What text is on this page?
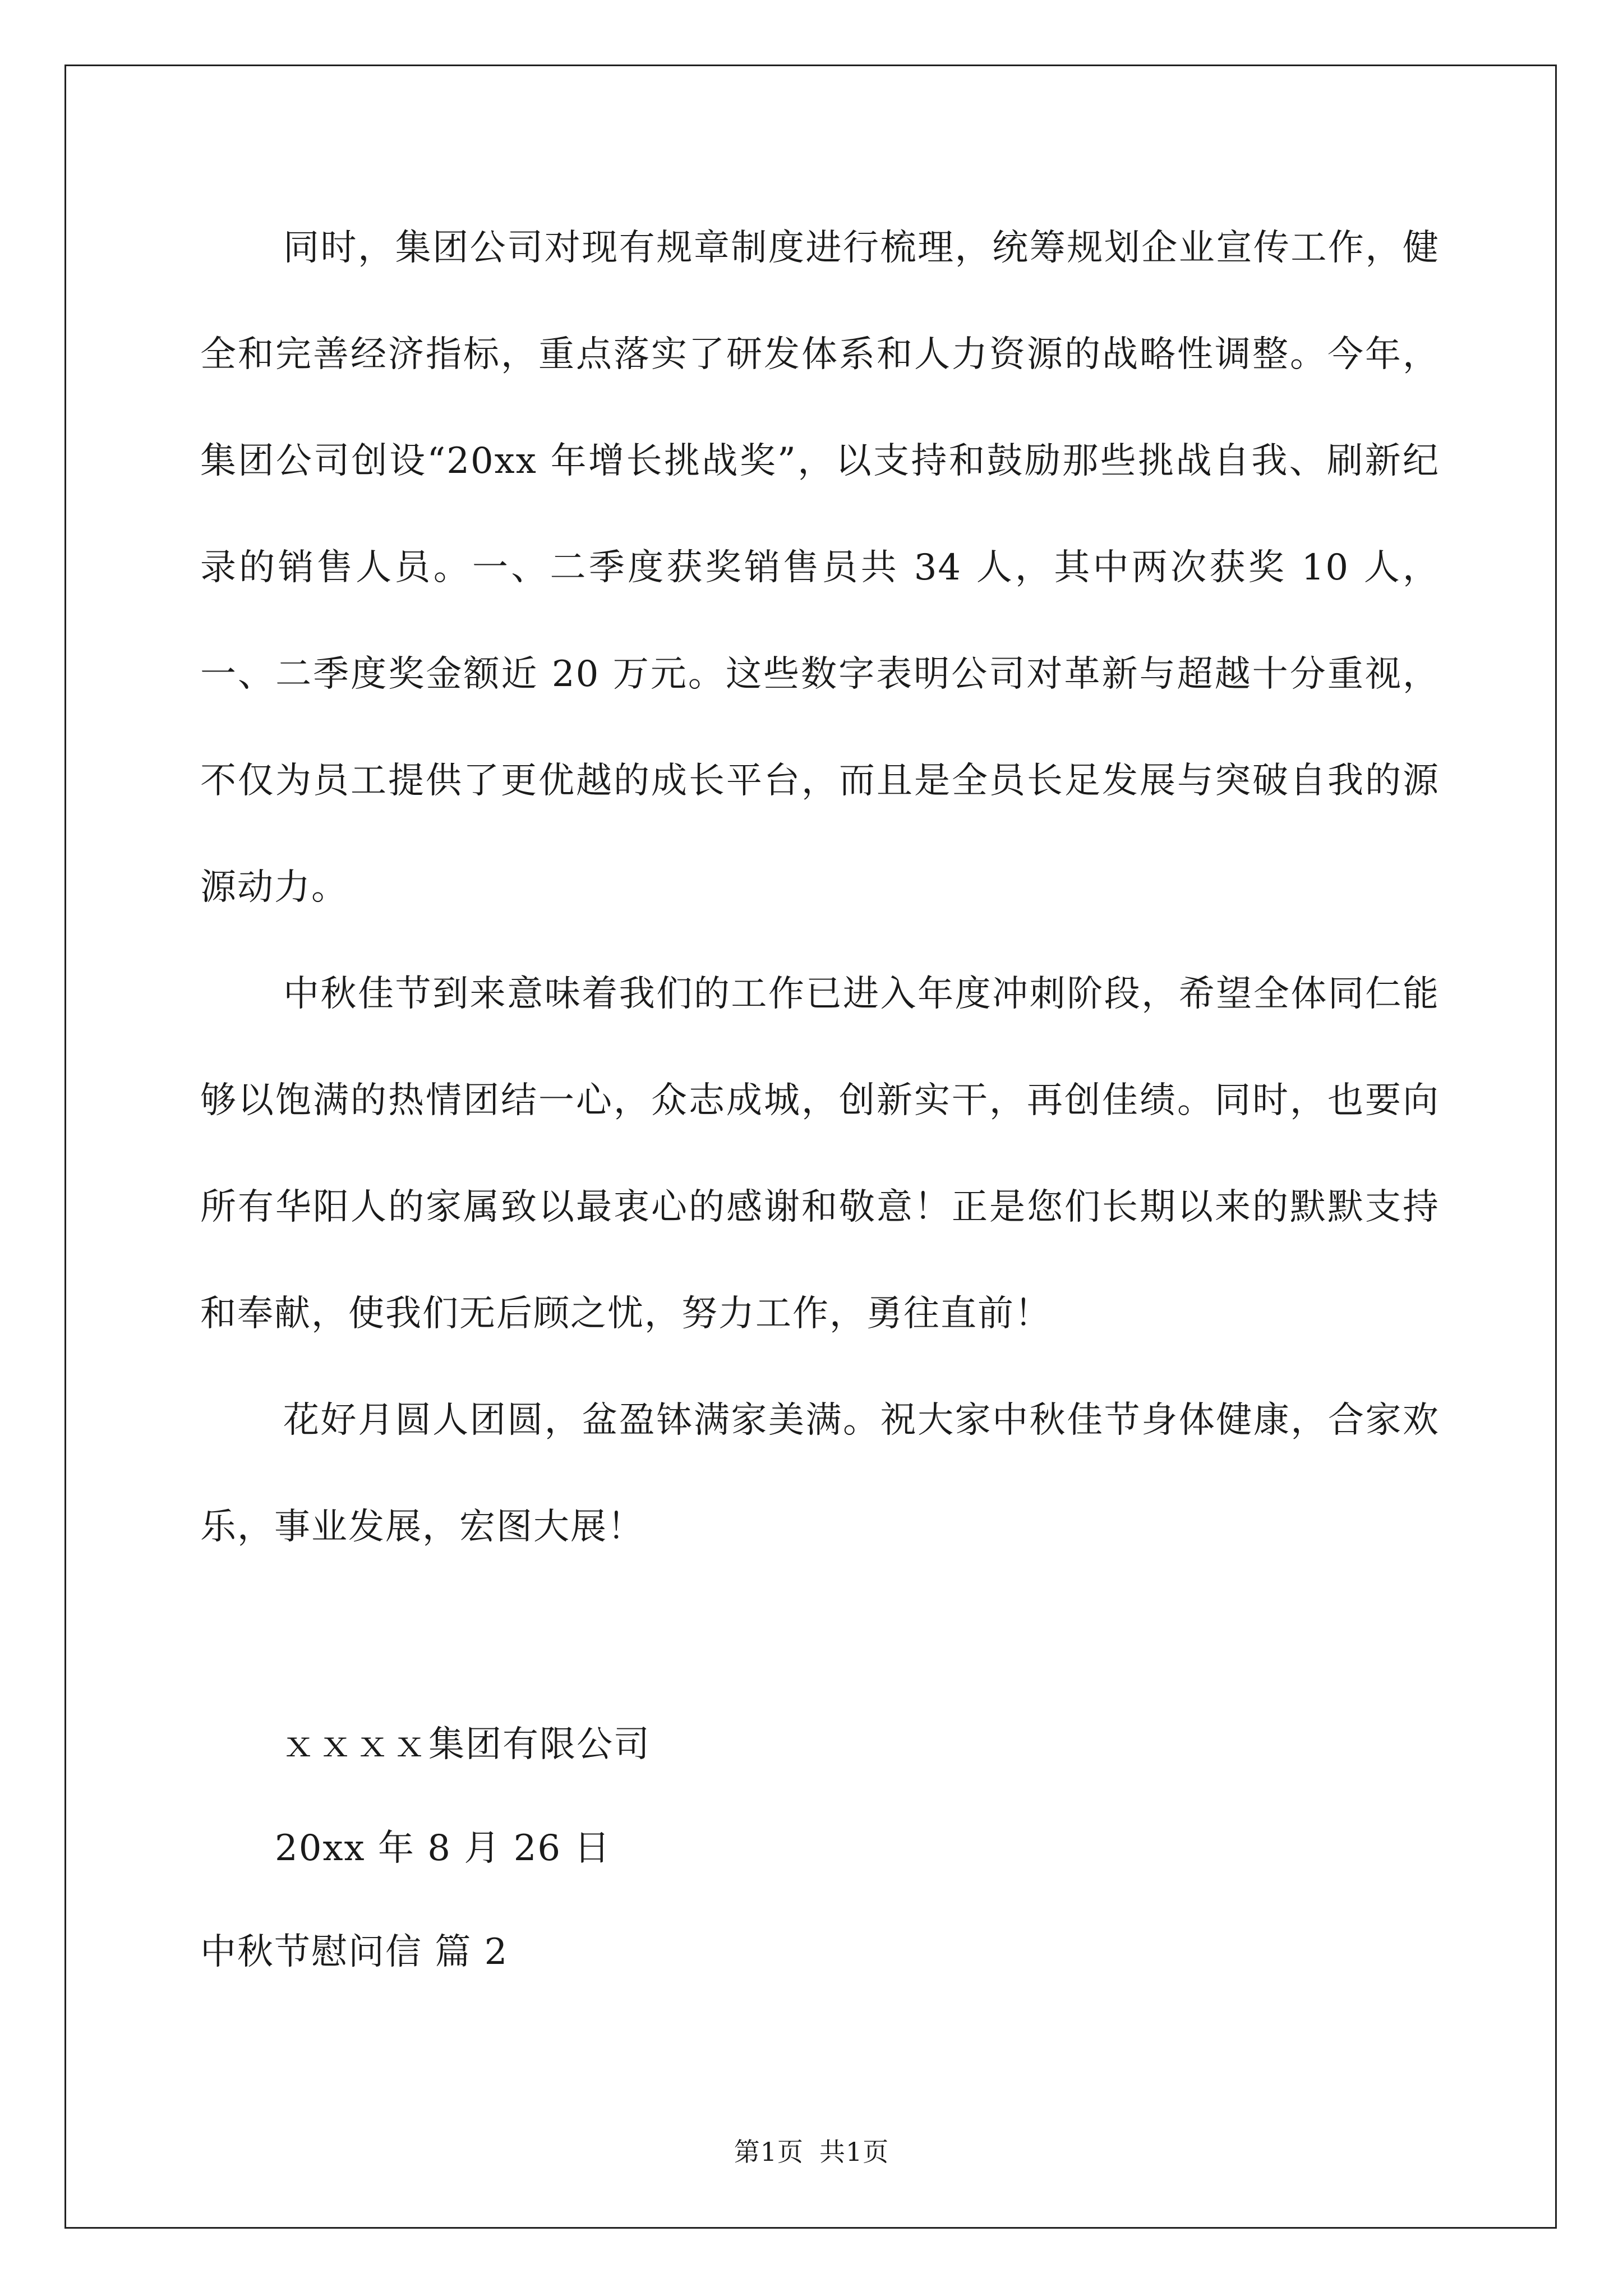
同时，集团公司对现有规章制度进行梳理，统筹规划企业宣传工作，健全和完善经济指标，重点落实了研发体系和人力资源的战略性调整。今年，集团公司创设“20xx 年增长挑战奖”，以支持和鼓励那些挑战自我、刷新纪录的销售人员。一、二季度获奖销售员共 34 人，其中两次获奖 10 人，一、二季度奖金额近 20 万元。这些数字表明公司对革新与超越十分重视，不仅为员工提供了更优越的成长平台，而且是全员长足发展与突破自我的源源动力。

中秋佳节到来意味着我们的工作已进入年度冲刺阶段，希望全体同仁能够以饱满的热情团结一心，众志成城，创新实干，再创佳绩。同时，也要向所有华阳人的家属致以最衷心的感谢和敬意！正是您们长期以来的默默支持和奉献，使我们无后顾之忧，努力工作，勇往直前！

花好月圆人团圆，盆盈钵满家美满。祝大家中秋佳节身体健康，合家欢乐，事业发展，宏图大展！

ｘｘｘｘ集团有限公司
20xx 年 8 月 26 日
中秋节慰问信 篇 2
第1页 共1页
